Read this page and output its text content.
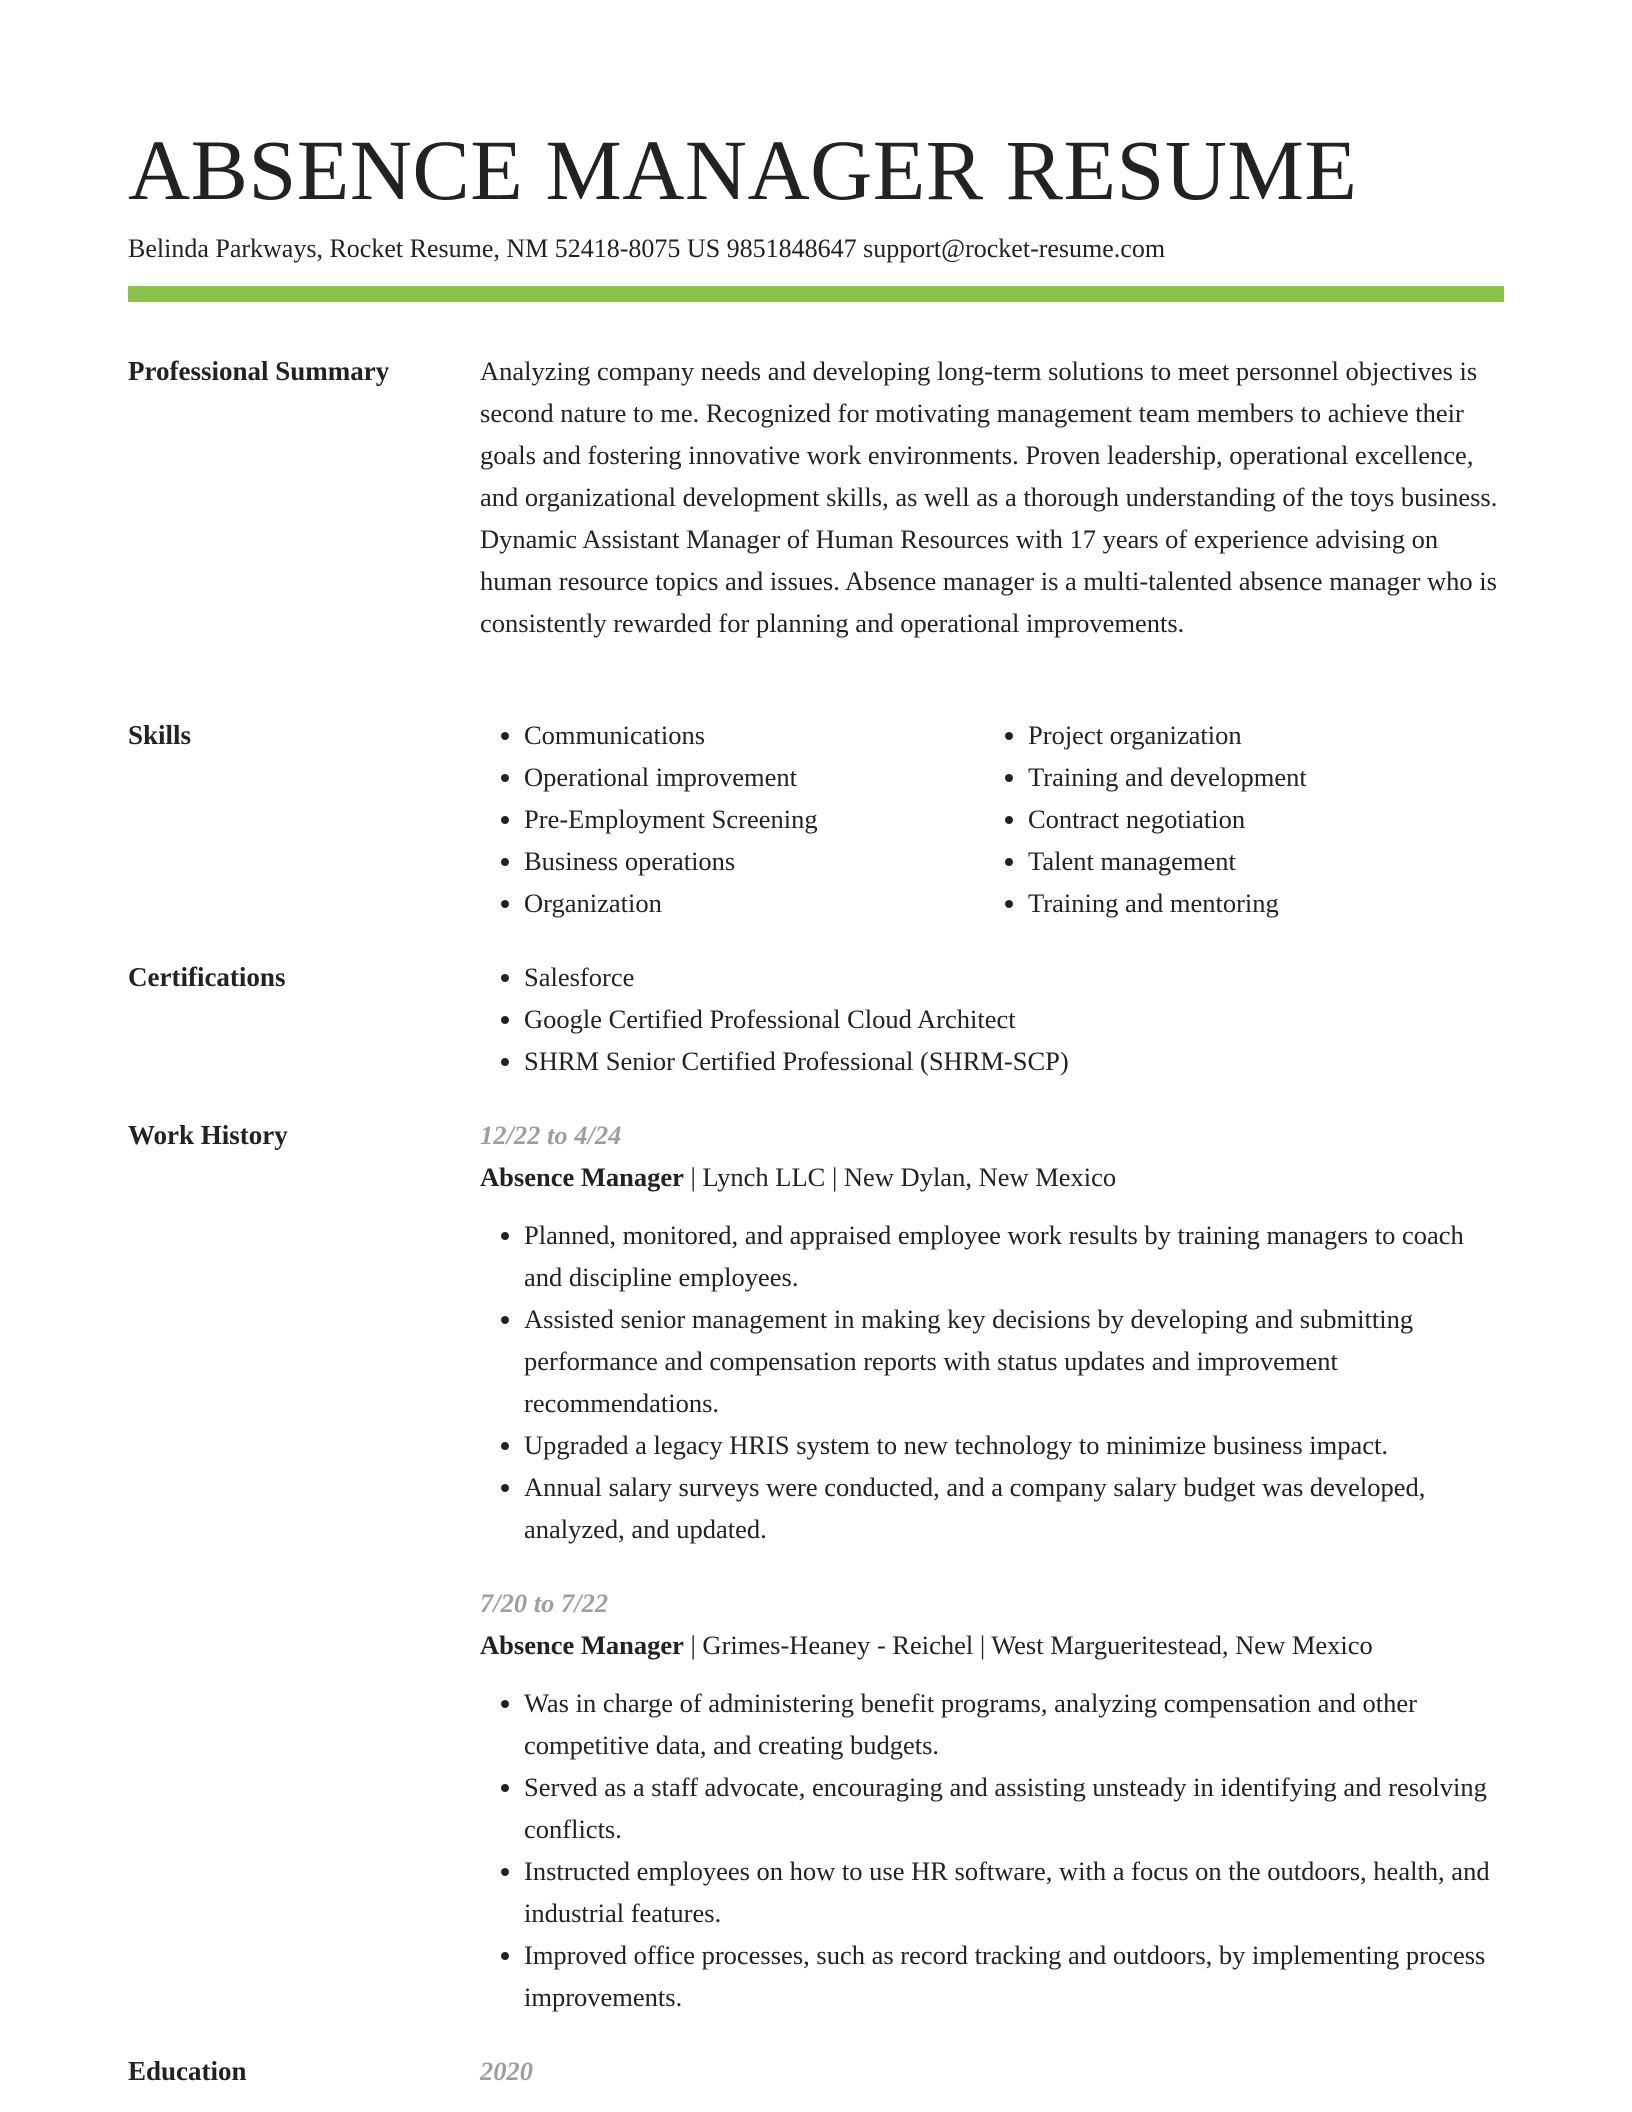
ABSENCE MANAGER RESUME
Belinda Parkways, Rocket Resume, NM 52418-8075 US 9851848647 support@rocket-resume.com
Professional Summary	Analyzing company needs and developing long-term solutions to meet personnel objectives is second nature to me. Recognized for motivating management team members to achieve their goals and fostering innovative work environments. Proven leadership, operational excellence, and organizational development skills, as well as a thorough understanding of the toys business. Dynamic Assistant Manager of Human Resources with 17 years of experience advising on human resource topics and issues. Absence manager is a multi-talented absence manager who is consistently rewarded for planning and operational improvements.

Skills	• Communications
• Operational improvement
• Pre-Employment Screening
• Business operations
• Organization
• Project organization
• Training and development
• Contract negotiation
• Talent management
• Training and mentoring
Certifications	• Salesforce
• Google Certified Professional Cloud Architect
• SHRM Senior Certified Professional (SHRM-SCP)
Work History	12/22 to 4/24
Absence Manager | Lynch LLC | New Dylan, New Mexico
• Planned, monitored, and appraised employee work results by training managers to coach and discipline employees.
• Assisted senior management in making key decisions by developing and submitting performance and compensation reports with status updates and improvement recommendations.
• Upgraded a legacy HRIS system to new technology to minimize business impact.
• Annual salary surveys were conducted, and a company salary budget was developed, analyzed, and updated.
7/20 to 7/22
Absence Manager | Grimes-Heaney - Reichel | West Margueritestead, New Mexico
• Was in charge of administering benefit programs, analyzing compensation and other competitive data, and creating budgets.
• Served as a staff advocate, encouraging and assisting unsteady in identifying and resolving conflicts.
• Instructed employees on how to use HR software, with a focus on the outdoors, health, and industrial features.
• Improved office processes, such as record tracking and outdoors, by implementing process improvements.
Education	2020
